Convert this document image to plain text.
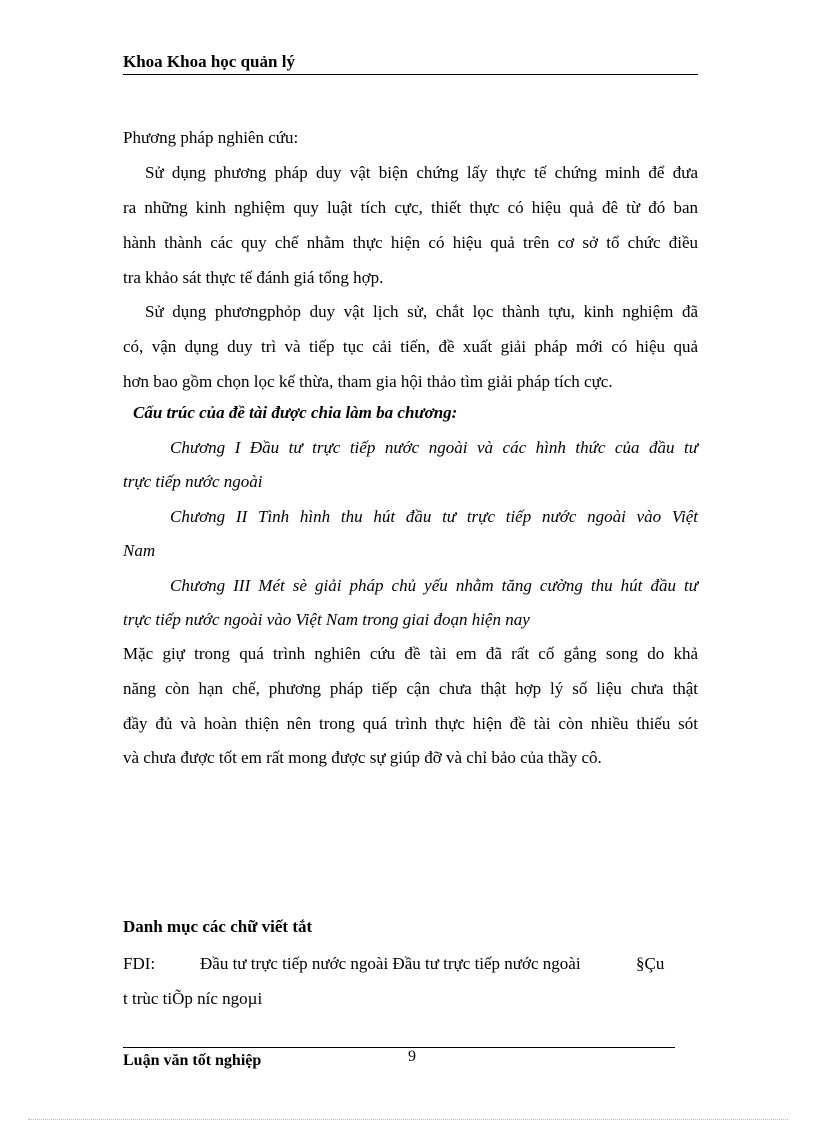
Khoa Khoa học quản lý
Phương pháp nghiên cứu:
Sử dụng phương pháp duy vật biện chứng lấy thực tế chứng minh để đưa
ra những kinh nghiệm quy luật tích cực, thiết thực có hiệu quả đê từ đó ban
hành thành các quy chế nhằm thực hiện có hiệu quả trên cơ sở tổ chức điều
tra khảo sát thực tế đánh giá tổng hợp.
Sử dụng phươngphỏp duy vật lịch sử, chắt lọc thành tựu, kinh nghiệm đã
có, vận dụng duy trì và tiếp tục cải tiến, đề xuất giải pháp mới có hiệu quả
hơn bao gồm chọn lọc kế thừa, tham gia hội thảo tìm giải pháp tích cực.
Cấu trúc của đề tài được chia làm ba chương:
Chương I Đầu tư trực tiếp nước ngoài và các hình thức của đầu tư
trực tiếp nước ngoài
Chương II Tình hình thu hút đầu tư trực tiếp nước ngoài vào Việt
Nam
Chương III Mét sè giải pháp chủ yếu nhằm tăng cường thu hút đầu tư
trực tiếp nước ngoài vào Việt Nam trong giai đoạn hiện nay
Mặc giự trong quá trình nghiên cứu đề tài em đã rất cố gắng song do khả
năng còn hạn chế, phương pháp tiếp cận chưa thật hợp lý số liệu chưa thật
đầy đủ và hoàn thiện nên trong quá trình thực hiện đề tài còn nhiều thiếu sót
và chưa được tốt em rất mong được sự giúp đỡ và chỉ bảo của thầy cô.
Danh mục các chữ viết tắt
FDI:	Đầu tư trực tiếp nước ngoài Đầu tư trực tiếp nước ngoài	§Çu
t trùc tiÕp níc ngoµi
9
Luận văn tốt nghiệp
